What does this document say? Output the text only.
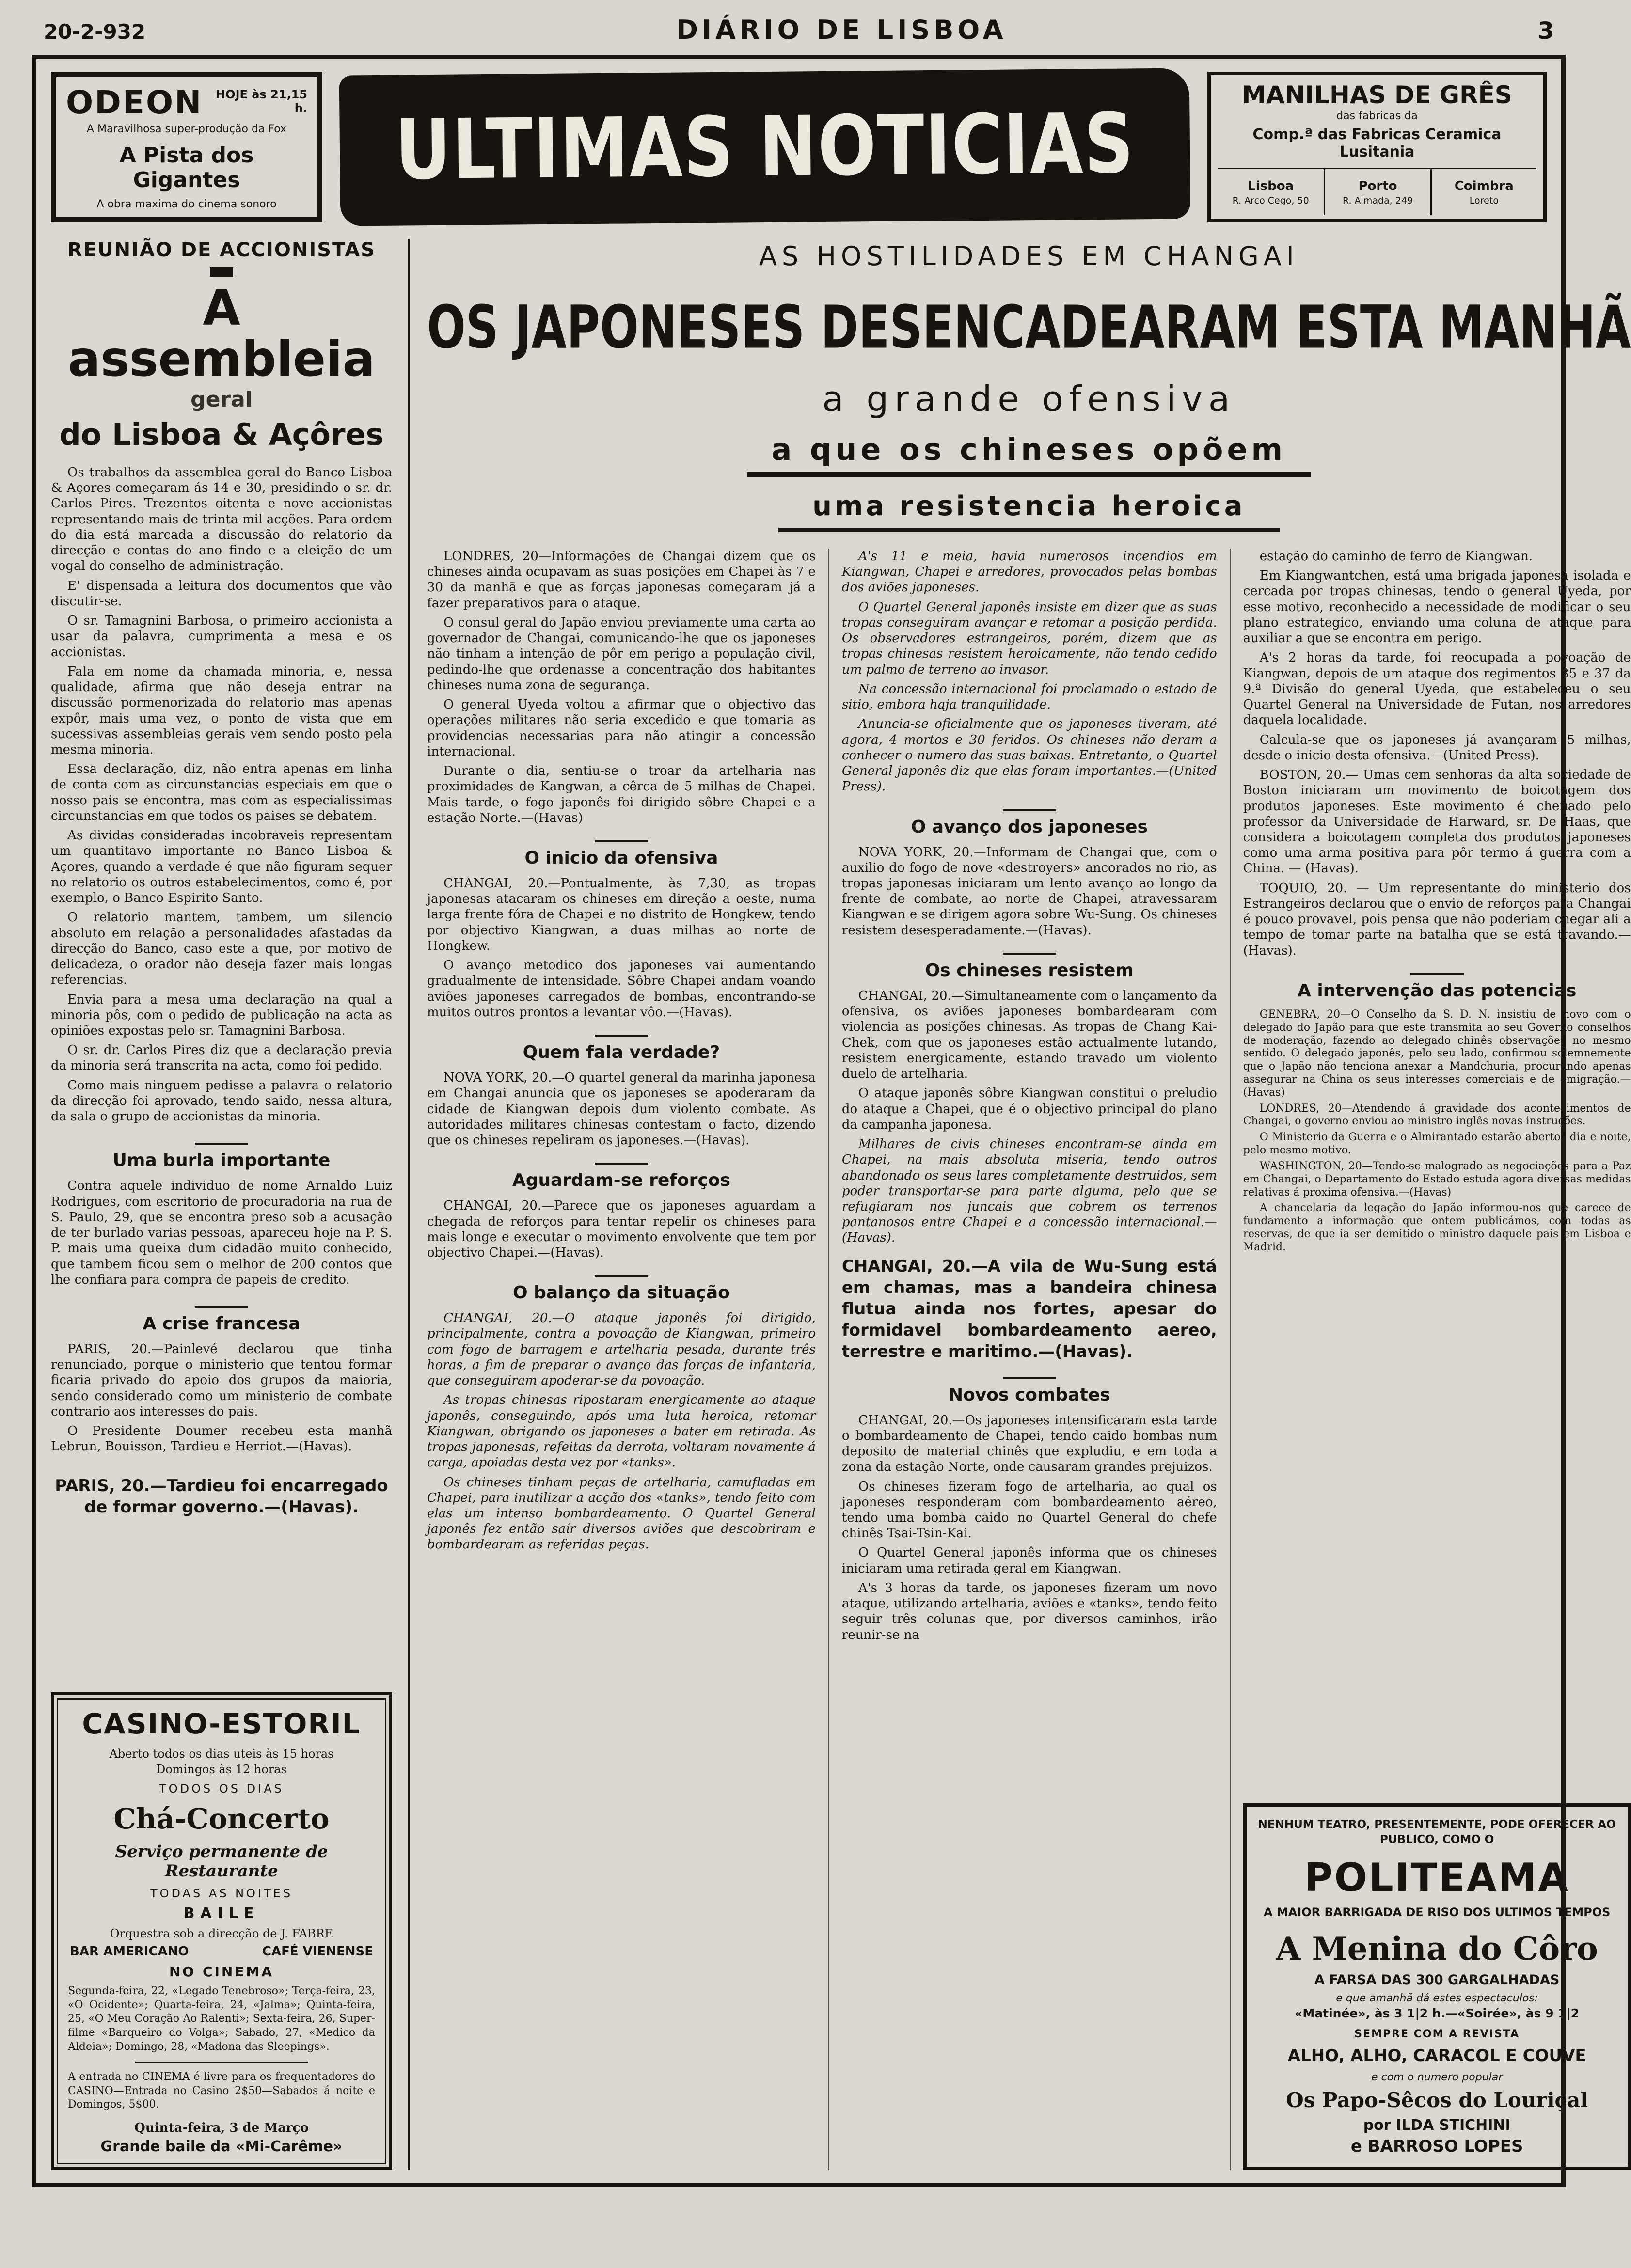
20-2-932	DIÁRIO DE LISBOA	3
ODEON	HOJE às 21,15 h.
A Maravilhosa super-produção da Fox
A Pista dos Gigantes
A obra maxima do cinema sonoro
ULTIMAS NOTICIAS
MANILHAS DE GRÊS
das fabricas da
Comp.ª das Fabricas Ceramica Lusitania
Lisboa
R. Arco Cego, 50
Porto
R. Almada, 249
Coimbra
Loreto
REUNIÃO DE ACCIONISTAS
A assembleia
geral
do Lisboa & Açôres

Os trabalhos da assemblea geral do Banco Lisboa & Açores começaram ás 14 e 30, presidindo o sr. dr. Carlos Pires. Trezentos oitenta e nove accionistas representando mais de trinta mil acções. Para ordem do dia está marcada a discussão do relatorio da direcção e contas do ano findo e a eleição de um vogal do conselho de administração.

E' dispensada a leitura dos documentos que vão discutir-se.

O sr. Tamagnini Barbosa, o primeiro accionista a usar da palavra, cumprimenta a mesa e os accionistas.

Fala em nome da chamada minoria, e, nessa qualidade, afirma que não deseja entrar na discussão pormenorizada do relatorio mas apenas expôr, mais uma vez, o ponto de vista que em sucessivas assembleias gerais vem sendo posto pela mesma minoria.

Essa declaração, diz, não entra apenas em linha de conta com as circunstancias especiais em que o nosso pais se encontra, mas com as especialissimas circunstancias em que todos os paises se debatem.

As dividas consideradas incobraveis representam um quantitavo importante no Banco Lisboa & Açores, quando a verdade é que não figuram sequer no relatorio os outros estabelecimentos, como é, por exemplo, o Banco Espirito Santo.

O relatorio mantem, tambem, um silencio absoluto em relação a personalidades afastadas da direcção do Banco, caso este a que, por motivo de delicadeza, o orador não deseja fazer mais longas referencias.

Envia para a mesa uma declaração na qual a minoria pôs, com o pedido de publicação na acta as opiniões expostas pelo sr. Tamagnini Barbosa.

O sr. dr. Carlos Pires diz que a declaração previa da minoria será transcrita na acta, como foi pedido.

Como mais ninguem pedisse a palavra o relatorio da direcção foi aprovado, tendo saido, nessa altura, da sala o grupo de accionistas da minoria.

Uma burla importante

Contra aquele individuo de nome Arnaldo Luiz Rodrigues, com escritorio de procuradoria na rua de S. Paulo, 29, que se encontra preso sob a acusação de ter burlado varias pessoas, apareceu hoje na P. S. P. mais uma queixa dum cidadão muito conhecido, que tambem ficou sem o melhor de 200 contos que lhe confiara para compra de papeis de credito.

A crise francesa

PARIS, 20.—Painlevé declarou que tinha renunciado, porque o ministerio que tentou formar ficaria privado do apoio dos grupos da maioria, sendo considerado como um ministerio de combate contrario aos interesses do pais.

O Presidente Doumer recebeu esta manhã Lebrun, Bouisson, Tardieu e Herriot.—(Havas).

PARIS, 20.—Tardieu foi encarregado de formar governo.—(Havas).
CASINO-ESTORIL
Aberto todos os dias uteis às 15 horas
Domingos às 12 horas
TODOS OS DIAS
Chá-Concerto
Serviço permanente de Restaurante
TODAS AS NOITES
BAILE
Orquestra sob a direcção de J. FABRE
BAR AMERICANO	CAFÉ VIENENSE
NO CINEMA
Segunda-feira, 22, «Legado Tenebroso»; Terça-feira, 23, «O Ocidente»; Quarta-feira, 24, «Jalma»; Quinta-feira, 25, «O Meu Coração Ao Ralenti»; Sexta-feira, 26, Super-filme «Barqueiro do Volga»; Sabado, 27, «Medico da Aldeia»; Domingo, 28, «Madona das Sleepings».
A entrada no CINEMA é livre para os frequentadores do CASINO—Entrada no Casino 2$50—Sabados á noite e Domingos, 5$00.
Quinta-feira, 3 de Março
Grande baile da «Mi-Carême»
AS HOSTILIDADES EM CHANGAI
OS JAPONESES DESENCADEARAM ESTA MANHÃ
a grande ofensiva
a que os chineses opõem
uma resistencia heroica

LONDRES, 20—Informações de Changai dizem que os chineses ainda ocupavam as suas posições em Chapei às 7 e 30 da manhã e que as forças japonesas começaram já a fazer preparativos para o ataque.

O consul geral do Japão enviou previamente uma carta ao governador de Changai, comunicando-lhe que os japoneses não tinham a intenção de pôr em perigo a população civil, pedindo-lhe que ordenasse a concentração dos habitantes chineses numa zona de segurança.

O general Uyeda voltou a afirmar que o objectivo das operações militares não seria excedido e que tomaria as providencias necessarias para não atingir a concessão internacional.

Durante o dia, sentiu-se o troar da artelharia nas proximidades de Kangwan, a cêrca de 5 milhas de Chapei. Mais tarde, o fogo japonês foi dirigido sôbre Chapei e a estação Norte.—(Havas)

O inicio da ofensiva

CHANGAI, 20.—Pontualmente, às 7,30, as tropas japonesas atacaram os chineses em direção a oeste, numa larga frente fóra de Chapei e no distrito de Hongkew, tendo por objectivo Kiangwan, a duas milhas ao norte de Hongkew.

O avanço metodico dos japoneses vai aumentando gradualmente de intensidade. Sôbre Chapei andam voando aviões japoneses carregados de bombas, encontrando-se muitos outros prontos a levantar vôo.—(Havas).

Quem fala verdade?

NOVA YORK, 20.—O quartel general da marinha japonesa em Changai anuncia que os japoneses se apoderaram da cidade de Kiangwan depois dum violento combate. As autoridades militares chinesas contestam o facto, dizendo que os chineses repeliram os japoneses.—(Havas).

Aguardam-se reforços

CHANGAI, 20.—Parece que os japoneses aguardam a chegada de reforços para tentar repelir os chineses para mais longe e executar o movimento envolvente que tem por objectivo Chapei.—(Havas).

O balanço da situação

CHANGAI, 20.—O ataque japonês foi dirigido, principalmente, contra a povoação de Kiangwan, primeiro com fogo de barragem e artelharia pesada, durante três horas, a fim de preparar o avanço das forças de infantaria, que conseguiram apoderar-se da povoação.

As tropas chinesas ripostaram energicamente ao ataque japonês, conseguindo, após uma luta heroica, retomar Kiangwan, obrigando os japoneses a bater em retirada. As tropas japonesas, refeitas da derrota, voltaram novamente á carga, apoiadas desta vez por «tanks».

Os chineses tinham peças de artelharia, camufladas em Chapei, para inutilizar a acção dos «tanks», tendo feito com elas um intenso bombardeamento. O Quartel General japonês fez então saír diversos aviões que descobriram e bombardearam as referidas peças.

A's 11 e meia, havia numerosos incendios em Kiangwan, Chapei e arredores, provocados pelas bombas dos aviões japoneses.

O Quartel General japonês insiste em dizer que as suas tropas conseguiram avançar e retomar a posição perdida. Os observadores estrangeiros, porém, dizem que as tropas chinesas resistem heroicamente, não tendo cedido um palmo de terreno ao invasor.

Na concessão internacional foi proclamado o estado de sitio, embora haja tranquilidade.

Anuncia-se oficialmente que os japoneses tiveram, até agora, 4 mortos e 30 feridos. Os chineses não deram a conhecer o numero das suas baixas. Entretanto, o Quartel General japonês diz que elas foram importantes.—(United Press).

O avanço dos japoneses

NOVA YORK, 20.—Informam de Changai que, com o auxilio do fogo de nove «destroyers» ancorados no rio, as tropas japonesas iniciaram um lento avanço ao longo da frente de combate, ao norte de Chapei, atravessaram Kiangwan e se dirigem agora sobre Wu-Sung. Os chineses resistem desesperadamente.—(Havas).

Os chineses resistem

CHANGAI, 20.—Simultaneamente com o lançamento da ofensiva, os aviões japoneses bombardearam com violencia as posições chinesas. As tropas de Chang Kai-Chek, com que os japoneses estão actualmente lutando, resistem energicamente, estando travado um violento duelo de artelharia.

O ataque japonês sôbre Kiangwan constitui o preludio do ataque a Chapei, que é o objectivo principal do plano da campanha japonesa.

Milhares de civis chineses encontram-se ainda em Chapei, na mais absoluta miseria, tendo outros abandonado os seus lares completamente destruidos, sem poder transportar-se para parte alguma, pelo que se refugiaram nos juncais que cobrem os terrenos pantanosos entre Chapei e a concessão internacional.—(Havas).

CHANGAI, 20.—A vila de Wu-Sung está em chamas, mas a bandeira chinesa flutua ainda nos fortes, apesar do formidavel bombardeamento aereo, terrestre e maritimo.—(Havas).

Novos combates

CHANGAI, 20.—Os japoneses intensificaram esta tarde o bombardeamento de Chapei, tendo caido bombas num deposito de material chinês que expludiu, e em toda a zona da estação Norte, onde causaram grandes prejuizos.

Os chineses fizeram fogo de artelharia, ao qual os japoneses responderam com bombardeamento aéreo, tendo uma bomba caido no Quartel General do chefe chinês Tsai-Tsin-Kai.

O Quartel General japonês informa que os chineses iniciaram uma retirada geral em Kiangwan.

A's 3 horas da tarde, os japoneses fizeram um novo ataque, utilizando artelharia, aviões e «tanks», tendo feito seguir três colunas que, por diversos caminhos, irão reunir-se na

estação do caminho de ferro de Kiangwan.

Em Kiangwantchen, está uma brigada japonesa isolada e cercada por tropas chinesas, tendo o general Uyeda, por esse motivo, reconhecido a necessidade de modificar o seu plano estrategico, enviando uma coluna de ataque para auxiliar a que se encontra em perigo.

A's 2 horas da tarde, foi reocupada a povoação de Kiangwan, depois de um ataque dos regimentos 35 e 37 da 9.ª Divisão do general Uyeda, que estabeleceu o seu Quartel General na Universidade de Futan, nos arredores daquela localidade.

Calcula-se que os japoneses já avançaram 5 milhas, desde o inicio desta ofensiva.—(United Press).

BOSTON, 20.— Umas cem senhoras da alta sociedade de Boston iniciaram um movimento de boicotagem dos produtos japoneses. Este movimento é chefiado pelo professor da Universidade de Harward, sr. De Haas, que considera a boicotagem completa dos produtos japoneses como uma arma positiva para pôr termo á guerra com a China. — (Havas).

TOQUIO, 20. — Um representante do ministerio dos Estrangeiros declarou que o envio de reforços para Changai é pouco provavel, pois pensa que não poderiam chegar ali a tempo de tomar parte na batalha que se está travando.—(Havas).

A intervenção das potencias

GENEBRA, 20—O Conselho da S. D. N. insistiu de novo com o delegado do Japão para que este transmita ao seu Governo conselhos de moderação, fazendo ao delegado chinês observações no mesmo sentido. O delegado japonês, pelo seu lado, confirmou solemnemente que o Japão não tenciona anexar a Mandchuria, procurando apenas assegurar na China os seus interesses comerciais e de emigração.—(Havas)

LONDRES, 20—Atendendo á gravidade dos acontecimentos de Changai, o governo enviou ao ministro inglês novas instruções.

O Ministerio da Guerra e o Almirantado estarão abertos dia e noite, pelo mesmo motivo.

WASHINGTON, 20—Tendo-se malogrado as negociações para a Paz em Changai, o Departamento do Estado estuda agora diversas medidas relativas á proxima ofensiva.—(Havas)

A chancelaria da legação do Japão informou-nos que carece de fundamento a informação que ontem publicámos, com todas as reservas, de que ia ser demitido o ministro daquele pais em Lisboa e Madrid.

NENHUM TEATRO, PRESENTEMENTE, PODE OFERECER AO PUBLICO, COMO O
POLITEAMA
A MAIOR BARRIGADA DE RISO DOS ULTIMOS TEMPOS
A Menina do Côro
A FARSA DAS 300 GARGALHADAS
e que amanhã dá estes espectaculos:
«Matinée», às 3 1|2 h.—«Soirée», às 9 1|2
SEMPRE COM A REVISTA
ALHO, ALHO, CARACOL E COUVE
e com o numero popular
Os Papo-Sêcos do Louriçal
por ILDA STICHINI
e BARROSO LOPES
